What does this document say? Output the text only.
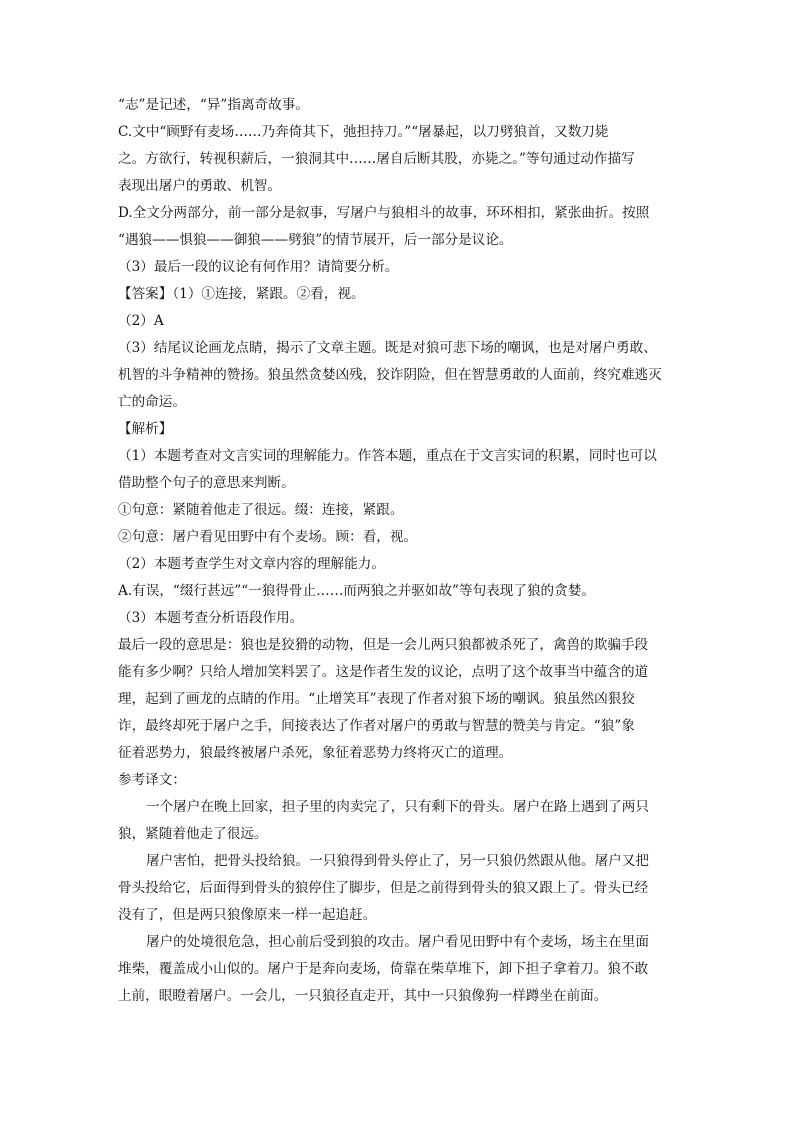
“志”是记述，“异”指离奇故事。
C.文中“顾野有麦场……乃奔倚其下，弛担持刀。”“屠暴起，以刀劈狼首，又数刀毙
之。方欲行，转视积薪后，一狼洞其中……屠自后断其股，亦毙之。”等句通过动作描写
表现出屠户的勇敢、机智。
D.全文分两部分，前一部分是叙事，写屠户与狼相斗的故事，环环相扣，紧张曲折。按照
“遇狼——惧狼——御狼——劈狼”的情节展开，后一部分是议论。
（3）最后一段的议论有何作用？请简要分析。
【答案】（1）①连接，紧跟。②看，视。
（2）A
（3）结尾议论画龙点睛，揭示了文章主题。既是对狼可悲下场的嘲讽，也是对屠户勇敢、
机智的斗争精神的赞扬。狼虽然贪婪凶残，狡诈阴险，但在智慧勇敢的人面前，终究难逃灭
亡的命运。
【解析】
（1）本题考查对文言实词的理解能力。作答本题，重点在于文言实词的积累，同时也可以
借助整个句子的意思来判断。
①句意：紧随着他走了很远。缀：连接，紧跟。
②句意：屠户看见田野中有个麦场。顾：看，视。
（2）本题考查学生对文章内容的理解能力。
A.有误，“缀行甚远”“一狼得骨止……而两狼之并驱如故”等句表现了狼的贪婪。
（3）本题考查分析语段作用。
最后一段的意思是：狼也是狡猾的动物，但是一会儿两只狼都被杀死了，禽兽的欺骗手段
能有多少啊？只给人增加笑料罢了。这是作者生发的议论，点明了这个故事当中蕴含的道
理，起到了画龙的点睛的作用。“止增笑耳”表现了作者对狼下场的嘲讽。狼虽然凶狠狡
诈，最终却死于屠户之手，间接表达了作者对屠户的勇敢与智慧的赞美与肯定。“狼”象
征着恶势力，狼最终被屠户杀死，象征着恶势力终将灭亡的道理。
参考译文：
一个屠户在晚上回家，担子里的肉卖完了，只有剩下的骨头。屠户在路上遇到了两只
狼，紧随着他走了很远。
屠户害怕，把骨头投给狼。一只狼得到骨头停止了，另一只狼仍然跟从他。屠户又把
骨头投给它，后面得到骨头的狼停住了脚步，但是之前得到骨头的狼又跟上了。骨头已经
没有了，但是两只狼像原来一样一起追赶。
屠户的处境很危急，担心前后受到狼的攻击。屠户看见田野中有个麦场，场主在里面
堆柴，覆盖成小山似的。屠户于是奔向麦场，倚靠在柴草堆下，卸下担子拿着刀。狼不敢
上前，眼瞪着屠户。一会儿，一只狼径直走开，其中一只狼像狗一样蹲坐在前面。
